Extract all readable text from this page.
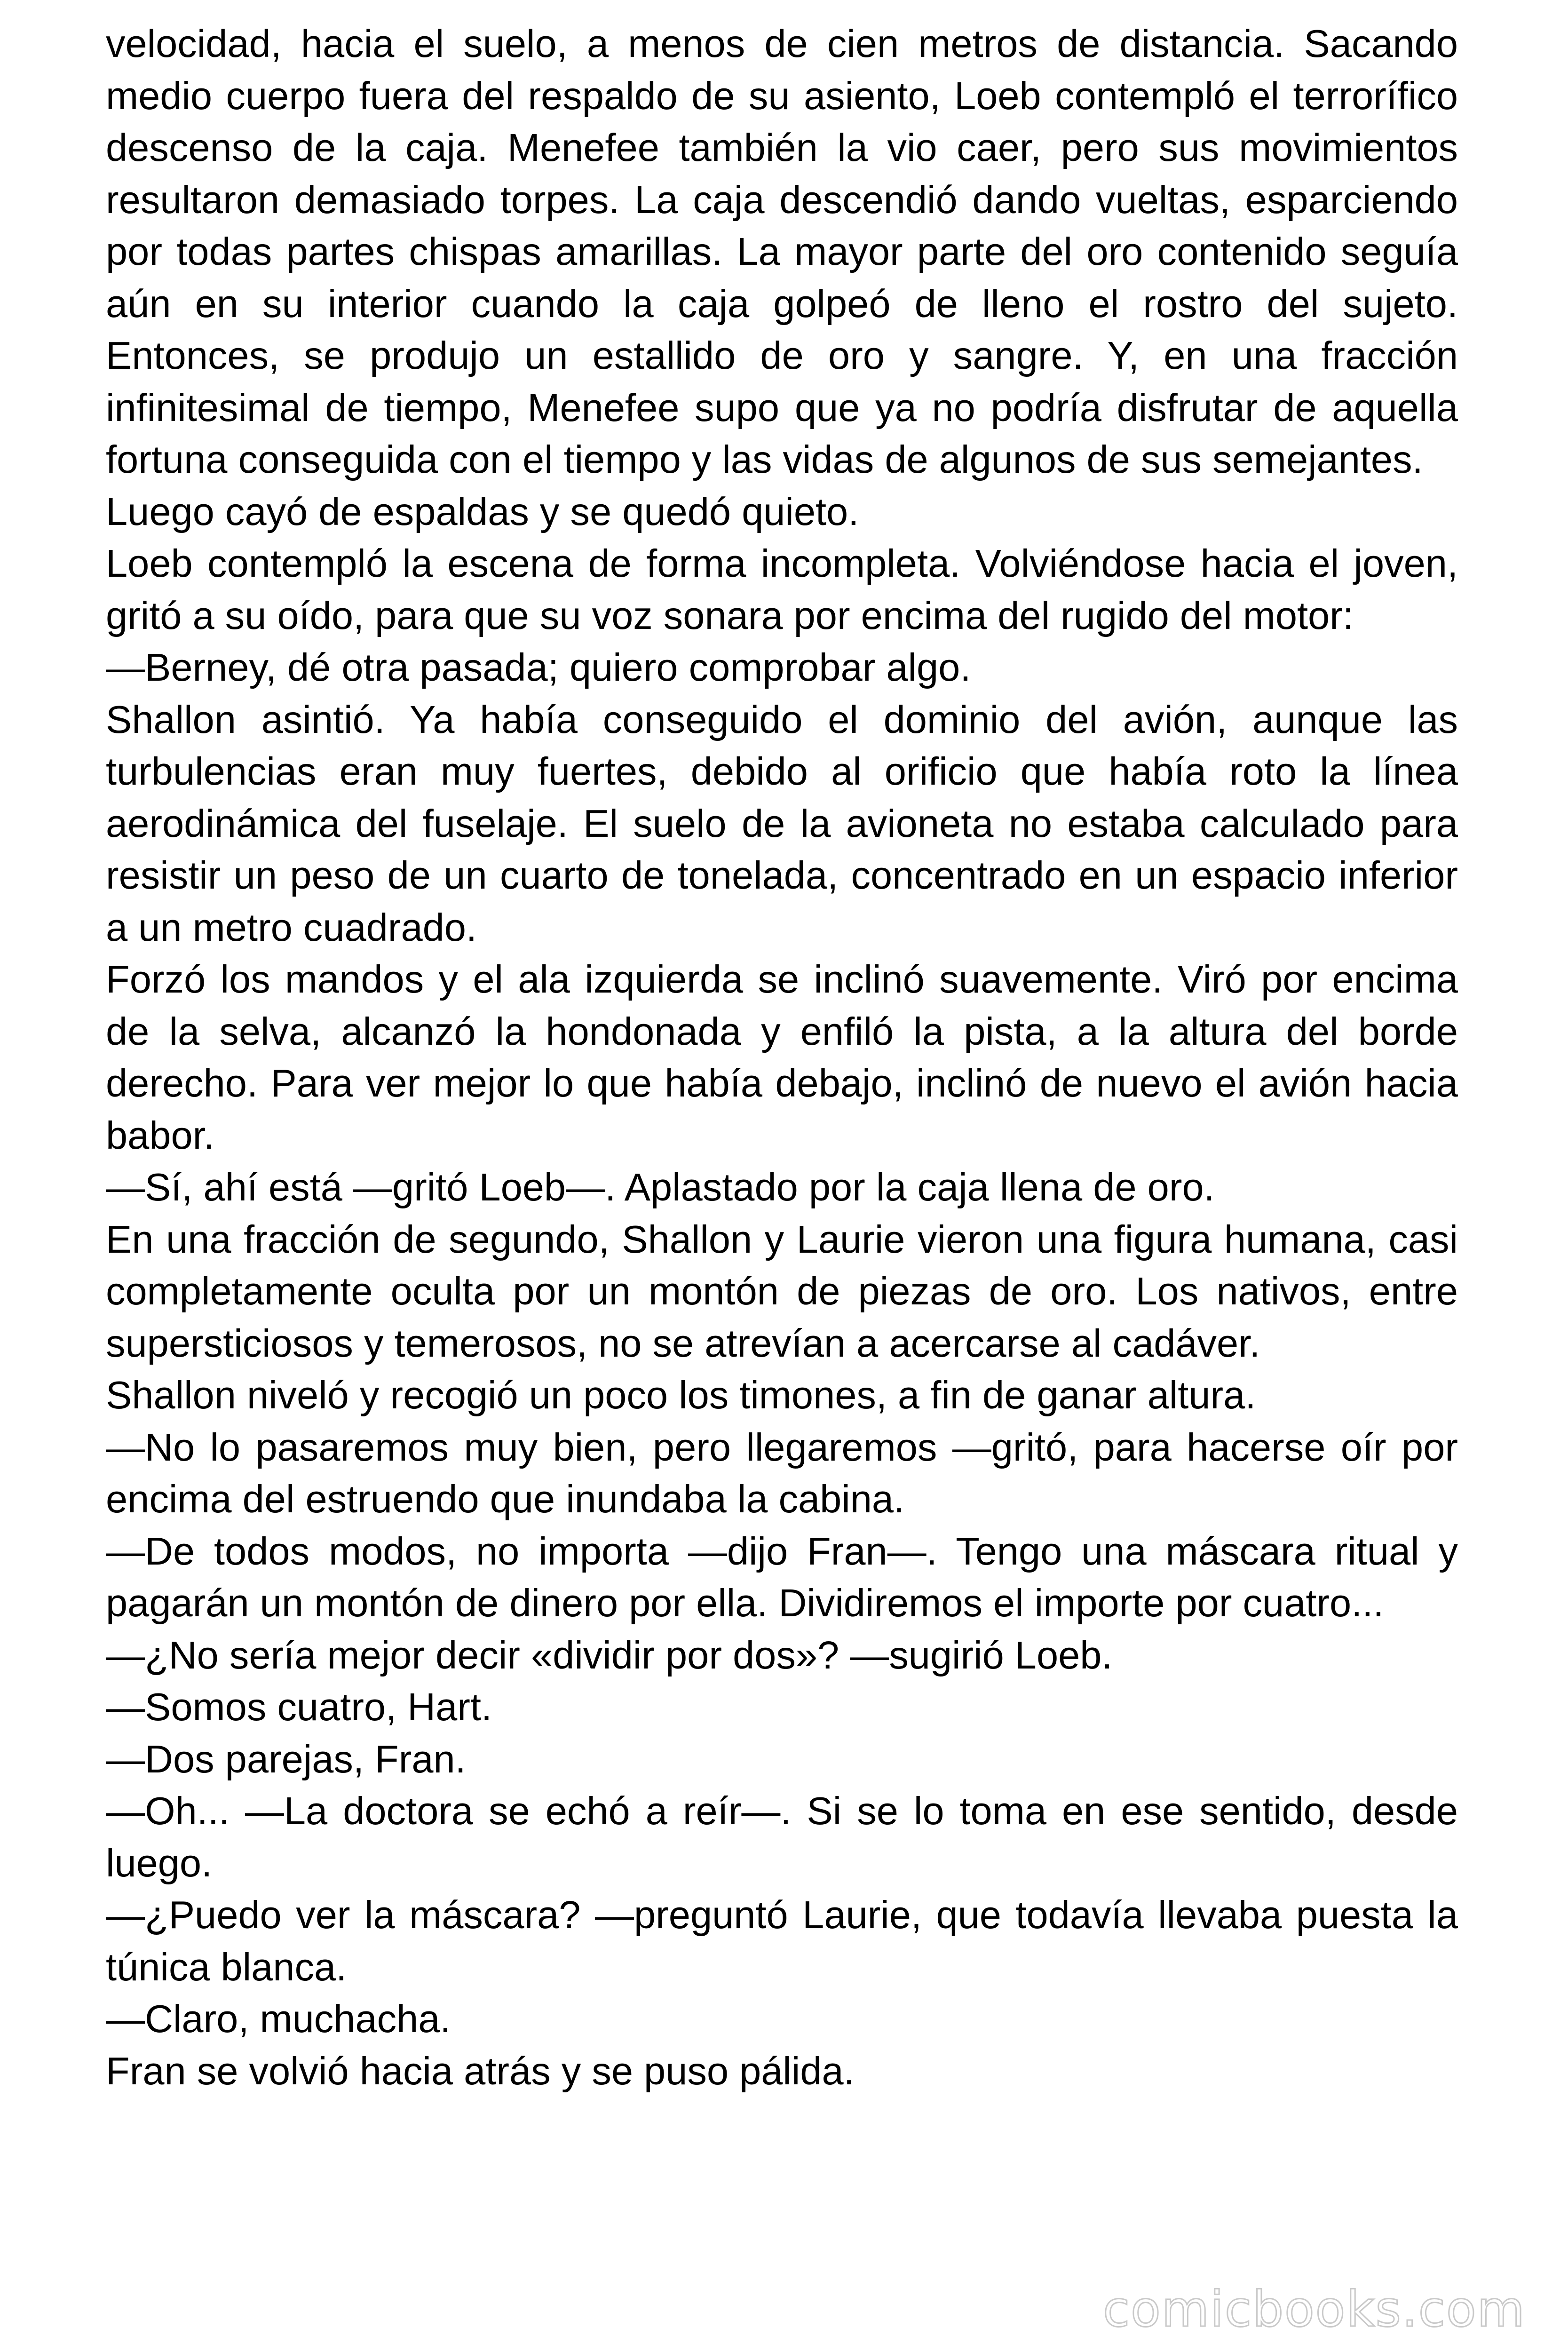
velocidad, hacia el suelo, a menos de cien metros de distancia. Sacando medio cuerpo fuera del respaldo de su asiento, Loeb contempló el terrorífico descenso de la caja. Menefee también la vio caer, pero sus movimientos resultaron demasiado torpes. La caja descendió dando vueltas, esparciendo por todas partes chispas amarillas. La mayor parte del oro contenido seguía aún en su interior cuando la caja golpeó de lleno el rostro del sujeto. Entonces, se produjo un estallido de oro y sangre. Y, en una fracción infinitesimal de tiempo, Menefee supo que ya no podría disfrutar de aquella fortuna conseguida con el tiempo y las vidas de algunos de sus semejantes.

Luego cayó de espaldas y se quedó quieto.

Loeb contempló la escena de forma incompleta. Volviéndose hacia el joven, gritó a su oído, para que su voz sonara por encima del rugido del motor:

—Berney, dé otra pasada; quiero comprobar algo.

Shallon asintió. Ya había conseguido el dominio del avión, aunque las turbulencias eran muy fuertes, debido al orificio que había roto la línea aerodinámica del fuselaje. El suelo de la avioneta no estaba calculado para resistir un peso de un cuarto de tonelada, concentrado en un espacio inferior a un metro cuadrado.

Forzó los mandos y el ala izquierda se inclinó suavemente. Viró por encima de la selva, alcanzó la hondonada y enfiló la pista, a la altura del borde derecho. Para ver mejor lo que había debajo, inclinó de nuevo el avión hacia babor.

—Sí, ahí está —gritó Loeb—. Aplastado por la caja llena de oro.

En una fracción de segundo, Shallon y Laurie vieron una figura humana, casi completamente oculta por un montón de piezas de oro. Los nativos, entre supersticiosos y temerosos, no se atrevían a acercarse al cadáver.

Shallon niveló y recogió un poco los timones, a fin de ganar altura.

—No lo pasaremos muy bien, pero llegaremos —gritó, para hacerse oír por encima del estruendo que inundaba la cabina.

—De todos modos, no importa —dijo Fran—. Tengo una máscara ritual y pagarán un montón de dinero por ella. Dividiremos el importe por cuatro...

—¿No sería mejor decir «dividir por dos»? —sugirió Loeb.

—Somos cuatro, Hart.

—Dos parejas, Fran.

—Oh... —La doctora se echó a reír—. Si se lo toma en ese sentido, desde luego.

—¿Puedo ver la máscara? —preguntó Laurie, que todavía llevaba puesta la túnica blanca.

—Claro, muchacha.

Fran se volvió hacia atrás y se puso pálida.

comicbooks.com
